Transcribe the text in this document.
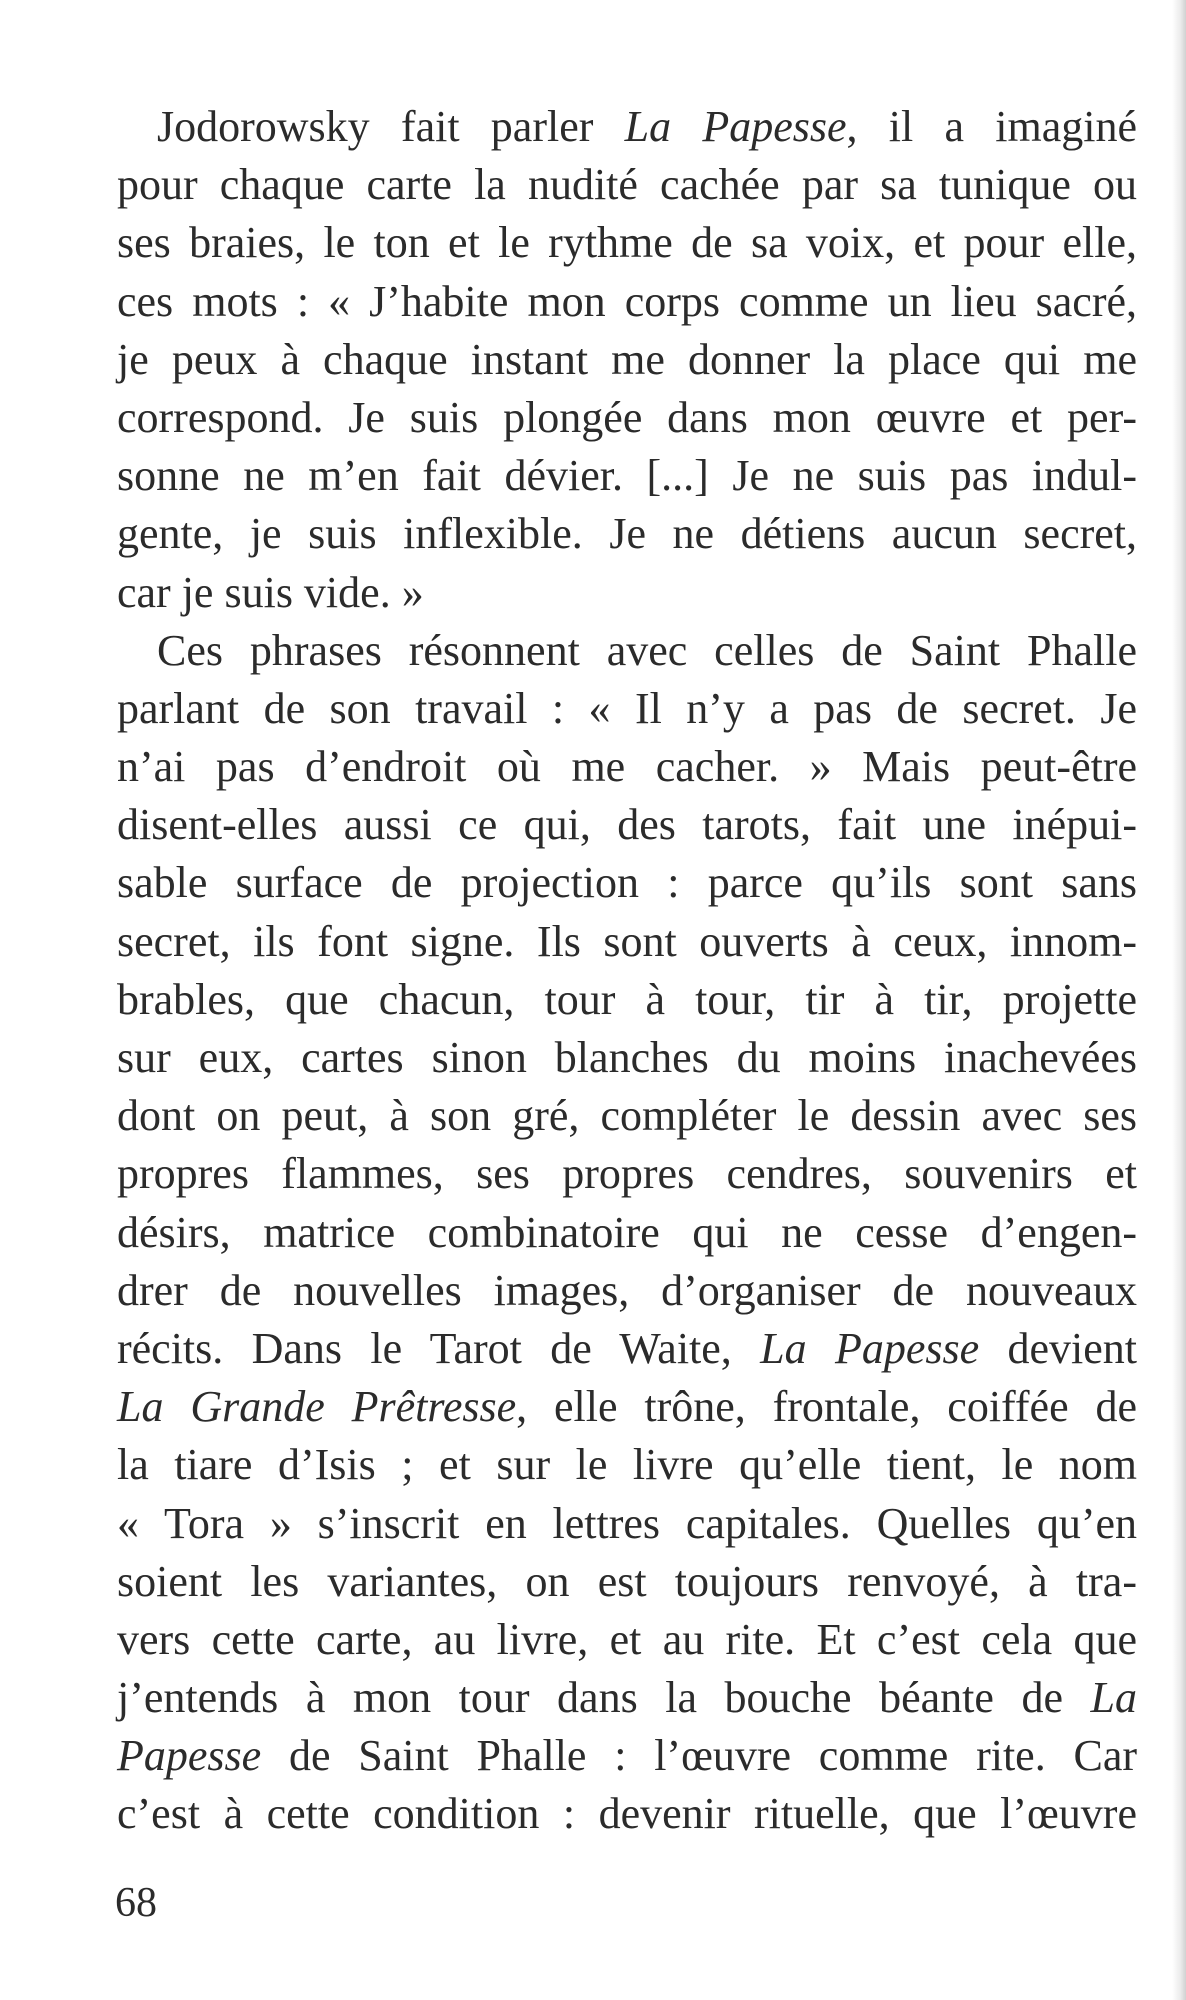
Jodorowsky fait parler La Papesse, il a imaginé
pour chaque carte la nudité cachée par sa tunique ou
ses braies, le ton et le rythme de sa voix, et pour elle,
ces mots : « J’habite mon corps comme un lieu sacré,
je peux à chaque instant me donner la place qui me
correspond. Je suis plongée dans mon œuvre et per-
sonne ne m’en fait dévier. [...] Je ne suis pas indul-
gente, je suis inflexible. Je ne détiens aucun secret,
car je suis vide. »
Ces phrases résonnent avec celles de Saint Phalle
parlant de son travail : « Il n’y a pas de secret. Je
n’ai pas d’endroit où me cacher. » Mais peut-être
disent-elles aussi ce qui, des tarots, fait une inépui-
sable surface de projection : parce qu’ils sont sans
secret, ils font signe. Ils sont ouverts à ceux, innom-
brables, que chacun, tour à tour, tir à tir, projette
sur eux, cartes sinon blanches du moins inachevées
dont on peut, à son gré, compléter le dessin avec ses
propres flammes, ses propres cendres, souvenirs et
désirs, matrice combinatoire qui ne cesse d’engen-
drer de nouvelles images, d’organiser de nouveaux
récits. Dans le Tarot de Waite, La Papesse devient
La Grande Prêtresse, elle trône, frontale, coiffée de
la tiare d’Isis ; et sur le livre qu’elle tient, le nom
« Tora » s’inscrit en lettres capitales. Quelles qu’en
soient les variantes, on est toujours renvoyé, à tra-
vers cette carte, au livre, et au rite. Et c’est cela que
j’entends à mon tour dans la bouche béante de La
Papesse de Saint Phalle : l’œuvre comme rite. Car
c’est à cette condition : devenir rituelle, que l’œuvre
68
